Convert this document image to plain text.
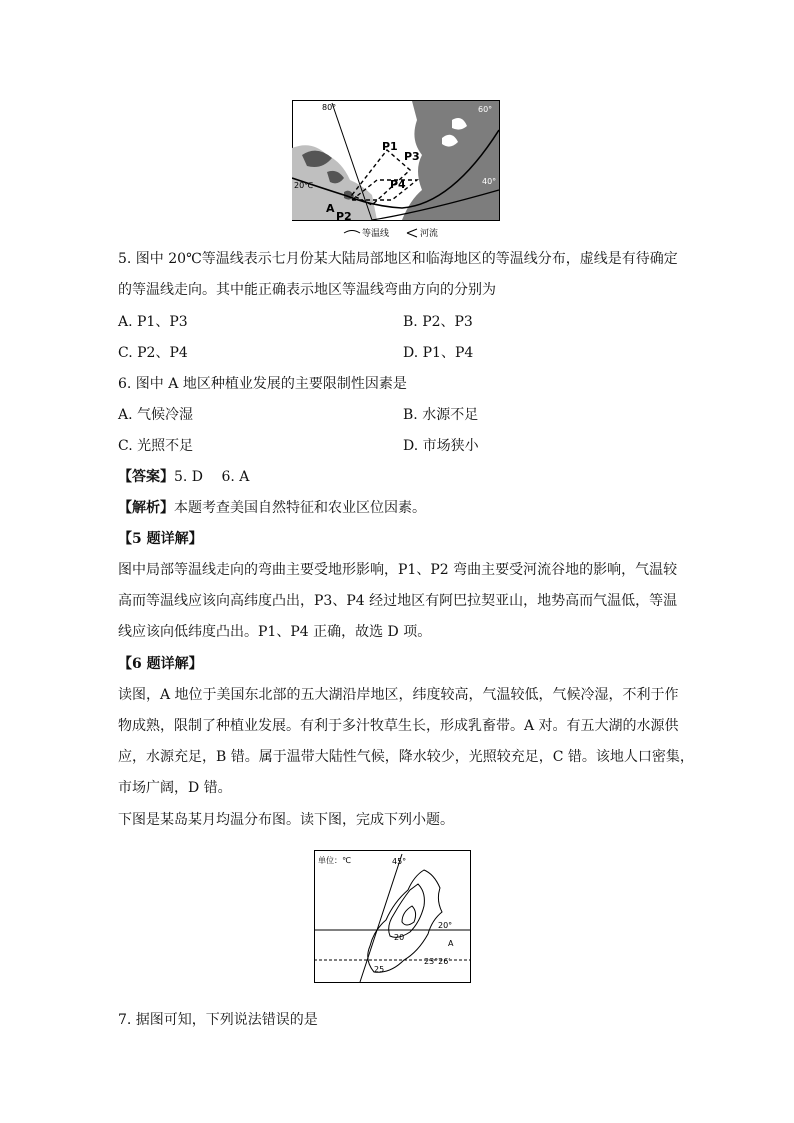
80°	60°
40°
20℃
P1
P3
P4
A
P2
等温线	河流
5. 图中 20℃等温线表示七月份某大陆局部地区和临海地区的等温线分布，虚线是有待确定
的等温线走向。其中能正确表示地区等温线弯曲方向的分别为
A. P1、P3	B. P2、P3
C. P2、P4	D. P1、P4
6. 图中 A 地区种植业发展的主要限制性因素是
A. 气候冷湿	B. 水源不足
C. 光照不足	D. 市场狭小
【答案】5. D　 6. A
【解析】本题考查美国自然特征和农业区位因素。
【5 题详解】
图中局部等温线走向的弯曲主要受地形影响，P1、P2 弯曲主要受河流谷地的影响，气温较
高而等温线应该向高纬度凸出，P3、P4 经过地区有阿巴拉契亚山，地势高而气温低，等温
线应该向低纬度凸出。P1、P4 正确，故选 D 项。
【6 题详解】
读图，A 地位于美国东北部的五大湖沿岸地区，纬度较高，气温较低，气候冷湿，不利于作
物成熟，限制了种植业发展。有利于多汁牧草生长，形成乳畜带。A 对。有五大湖的水源供
应，水源充足，B 错。属于温带大陆性气候，降水较少，光照较充足，C 错。该地人口密集，
市场广阔，D 错。
下图是某岛某月均温分布图。读下图，完成下列小题。
单位：℃	45°
20°
A
20
23°26′
25
7. 据图可知，下列说法错误的是
